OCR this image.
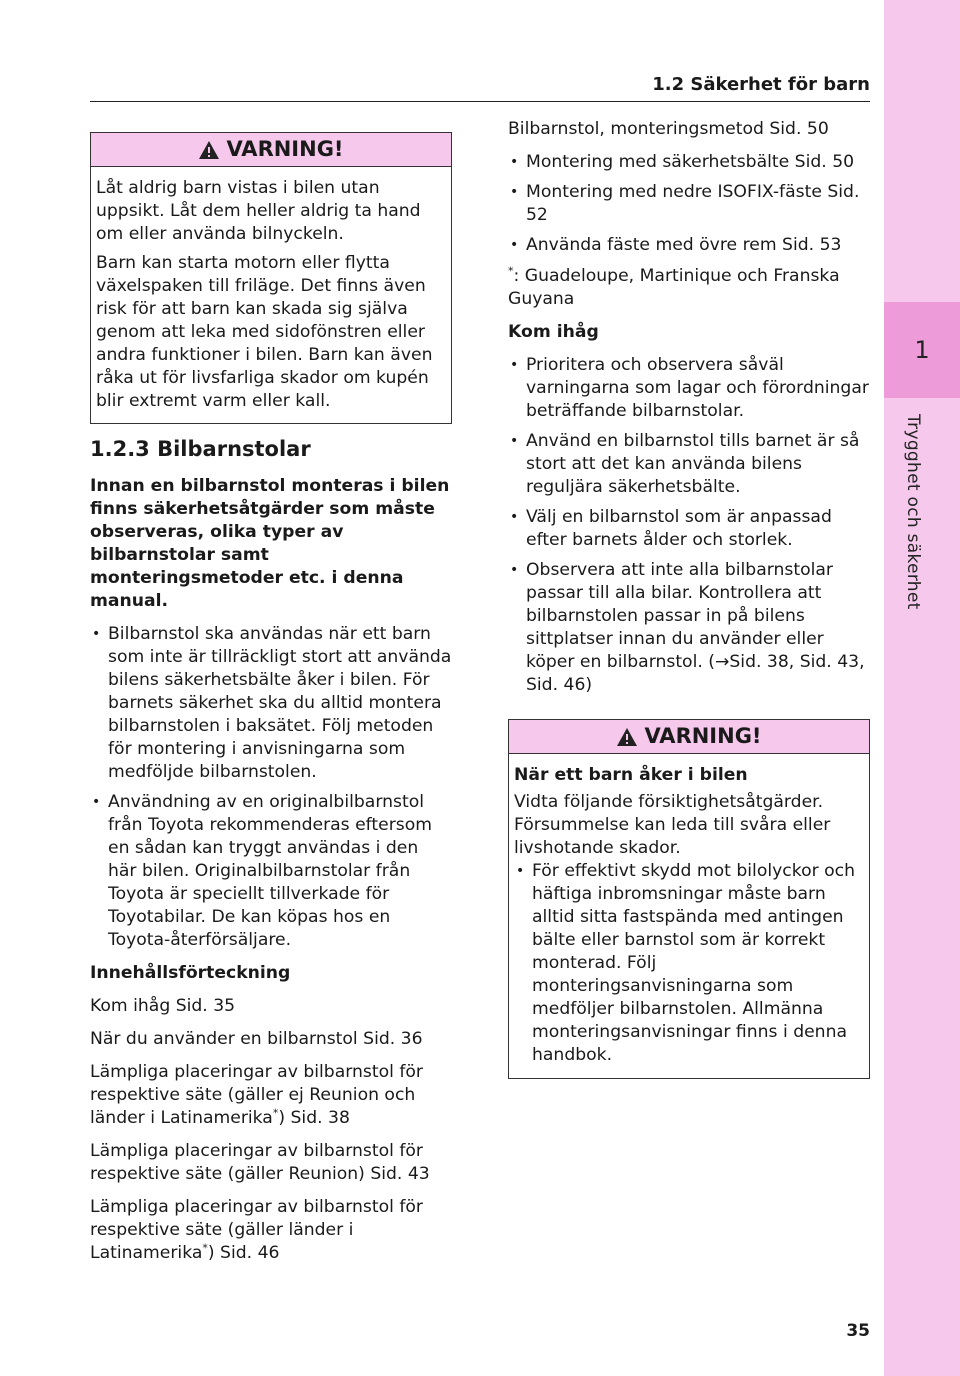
1
Trygghet och säkerhet
1.2 Säkerhet för barn
VARNING!

Låt aldrig barn vistas i bilen utan uppsikt. Låt dem heller aldrig ta hand om eller använda bilnyckeln.

Barn kan starta motorn eller flytta växelspaken till friläge. Det finns även risk för att barn kan skada sig själva genom att leka med sidofönstren eller andra funktioner i bilen. Barn kan även råka ut för livsfarliga skador om kupén blir extremt varm eller kall.

1.2.3 Bilbarnstolar

Innan en bilbarnstol monteras i bilen finns säkerhetsåtgärder som måste observeras, olika typer av bilbarnstolar samt monteringsmetoder etc. i denna manual.

• Bilbarnstol ska användas när ett barn som inte är tillräckligt stort att använda bilens säkerhetsbälte åker i bilen. För barnets säkerhet ska du alltid montera bilbarnstolen i baksätet. Följ metoden för montering i anvisningarna som medföljde bilbarnstolen.
• Användning av en originalbilbarnstol från Toyota rekommenderas eftersom en sådan kan tryggt användas i den här bilen. Originalbilbarnstolar från Toyota är speciellt tillverkade för Toyotabilar. De kan köpas hos en Toyota-återförsäljare.

Innehållsförteckning

Kom ihåg Sid. 35

När du använder en bilbarnstol Sid. 36

Lämpliga placeringar av bilbarnstol för respektive säte (gäller ej Reunion och länder i Latinamerika*) Sid. 38

Lämpliga placeringar av bilbarnstol för respektive säte (gäller Reunion) Sid. 43

Lämpliga placeringar av bilbarnstol för respektive säte (gäller länder i Latinamerika*) Sid. 46

Bilbarnstol, monteringsmetod Sid. 50

• Montering med säkerhetsbälte Sid. 50
• Montering med nedre ISOFIX-fäste Sid. 52
• Använda fäste med övre rem Sid. 53

*: Guadeloupe, Martinique och Franska Guyana

Kom ihåg

• Prioritera och observera såväl varningarna som lagar och förordningar beträffande bilbarnstolar.
• Använd en bilbarnstol tills barnet är så stort att det kan använda bilens reguljära säkerhetsbälte.
• Välj en bilbarnstol som är anpassad efter barnets ålder och storlek.
• Observera att inte alla bilbarnstolar passar till alla bilar. Kontrollera att bilbarnstolen passar in på bilens sittplatser innan du använder eller köper en bilbarnstol. (→Sid. 38, Sid. 43, Sid. 46)
VARNING!

När ett barn åker i bilen

Vidta följande försiktighetsåtgärder. Försummelse kan leda till svåra eller livshotande skador.

• För effektivt skydd mot bilolyckor och häftiga inbromsningar måste barn alltid sitta fastspända med antingen bälte eller barnstol som är korrekt monterad. Följ monteringsanvisningarna som medföljer bilbarnstolen. Allmänna monteringsanvisningar finns i denna handbok.
35
